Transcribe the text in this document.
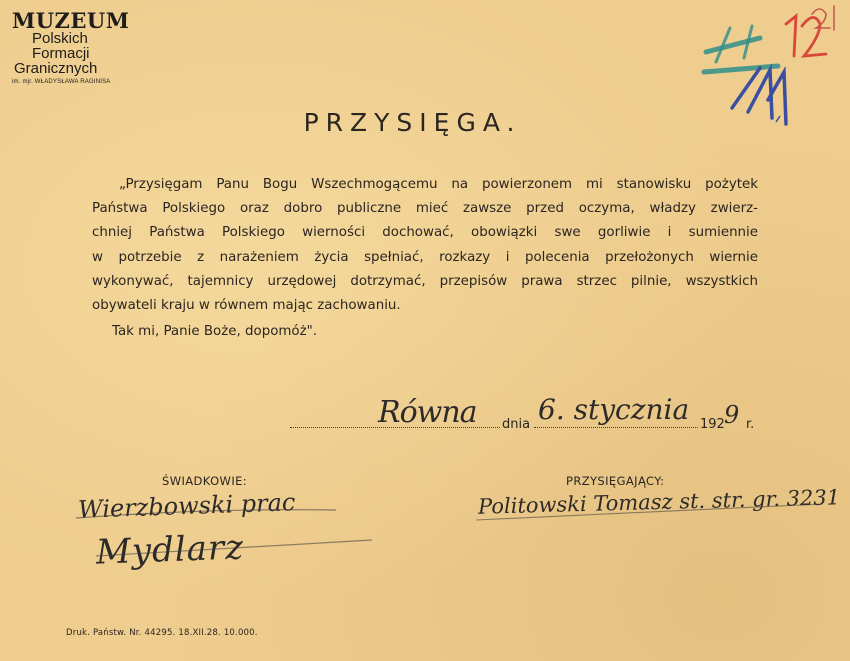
MUZEUM
Polskich
Formacji
Granicznych
im. mjr. WŁADYSŁAWA RAGINISA
PRZYSIĘGA.
„Przysięgam Panu Bogu Wszechmogącemu na powierzonem mi stanowisku pożytek
Państwa Polskiego oraz dobro publiczne mieć zawsze przed oczyma, władzy zwierz-
chniej Państwa Polskiego wierności dochować, obowiązki swe gorliwie i sumiennie
w potrzebie z narażeniem życia spełniać, rozkazy i polecenia przełożonych wiernie
wykonywać, tajemnicy urzędowej dotrzymać, przepisów prawa strzec pilnie, wszystkich
obywateli kraju w równem mając zachowaniu.
Tak mi, Panie Boże, dopomóż".
Równa dnia 6. stycznia 192 9 r.
ŚWIADKOWIE:
Wierzbowski prac
Mydlarz
PRZYSIĘGAJĄCY:
Politowski Tomasz st. str. gr. 3231
Druk. Państw. Nr. 44295. 18.XII.28. 10.000.
